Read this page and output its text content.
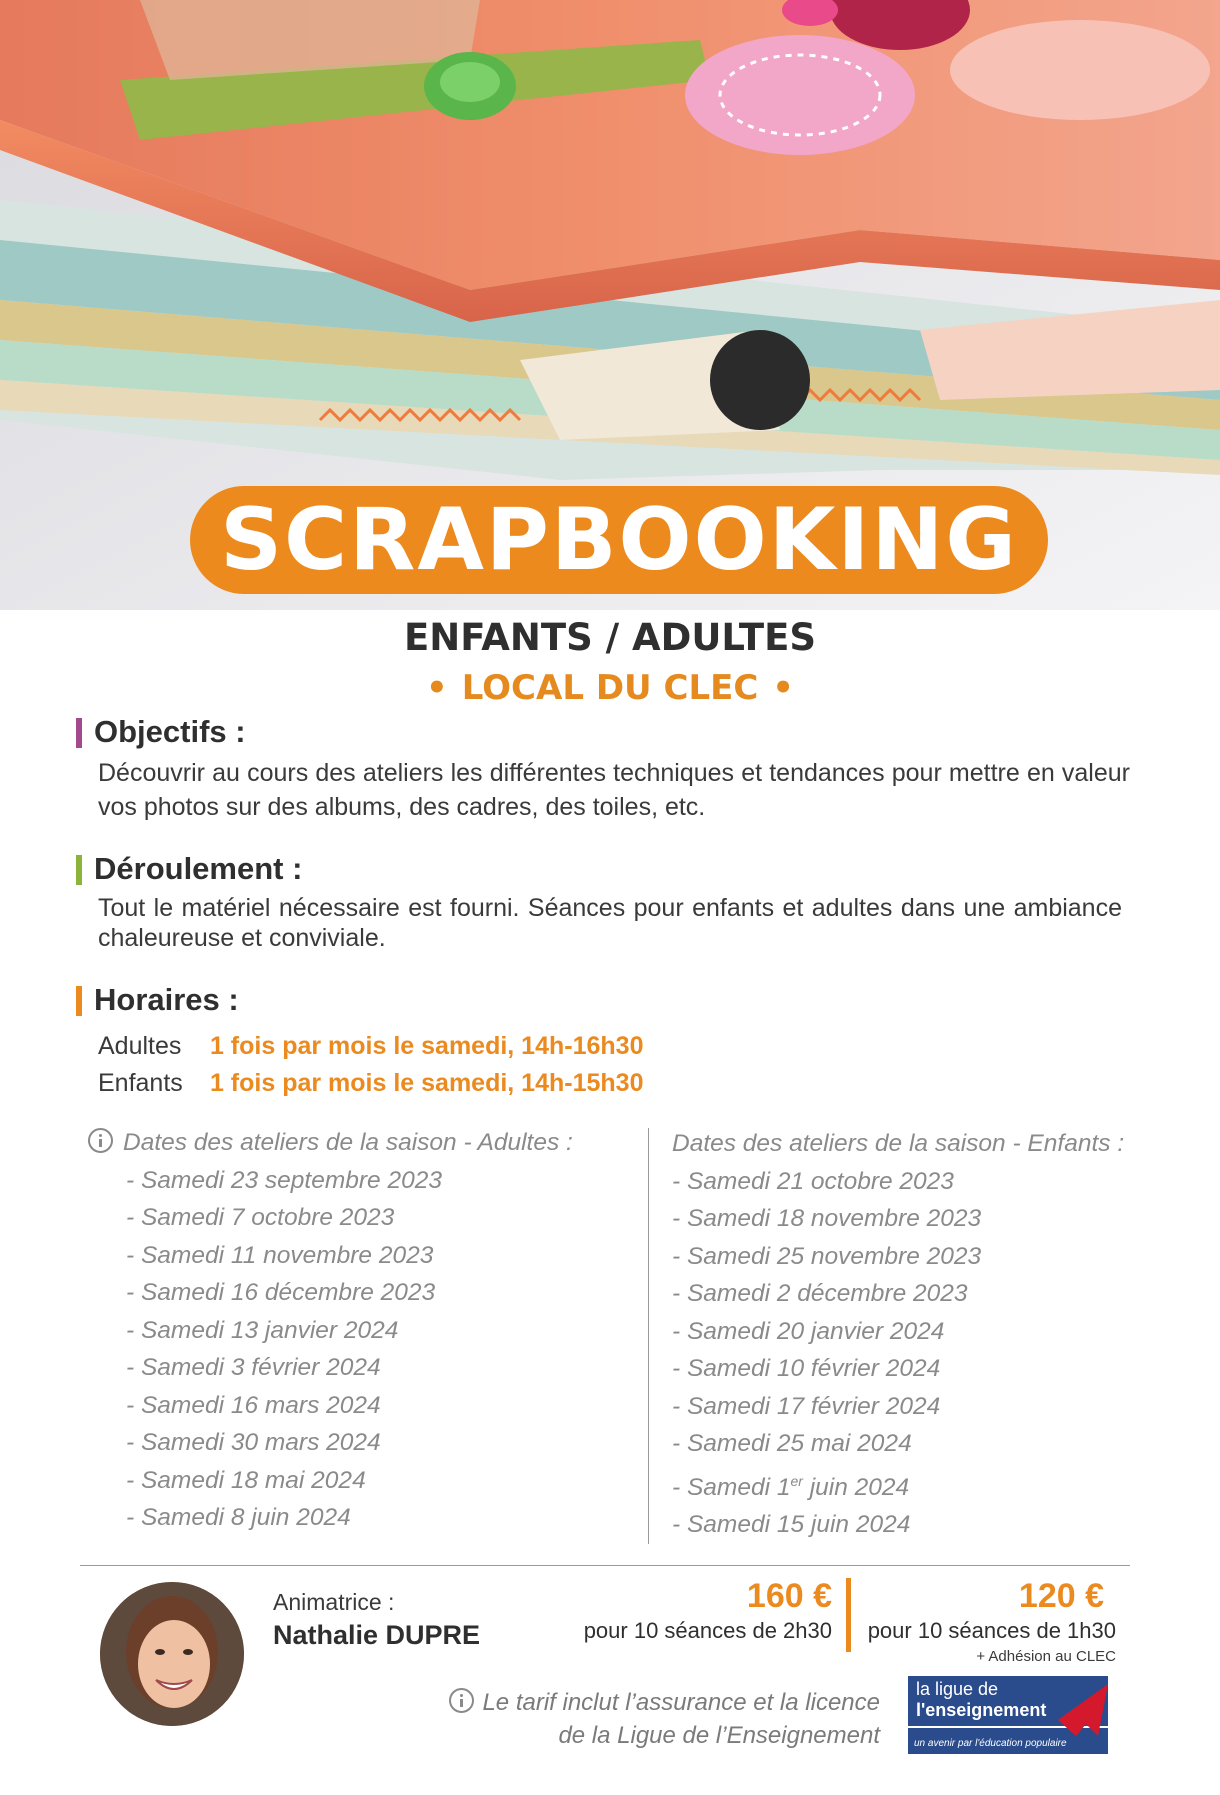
SCRAPBOOKING
ENFANTS / ADULTES
• LOCAL DU CLEC •
Objectifs :
Découvrir au cours des ateliers les différentes techniques et tendances pour mettre en valeur vos photos sur des albums, des cadres, des toiles, etc.
Déroulement :
Tout le matériel nécessaire est fourni. Séances pour enfants et adultes dans une ambiance chaleureuse et conviviale.
Horaires :
Adultes 1 fois par mois le samedi, 14h-16h30
Enfants 1 fois par mois le samedi, 14h-15h30
Dates des ateliers de la saison - Adultes :
- Samedi 23 septembre 2023
- Samedi 7 octobre 2023
- Samedi 11 novembre 2023
- Samedi 16 décembre 2023
- Samedi 13 janvier 2024
- Samedi 3 février 2024
- Samedi 16 mars 2024
- Samedi 30 mars 2024
- Samedi 18 mai 2024
- Samedi 8 juin 2024
Dates des ateliers de la saison - Enfants :
- Samedi 21 octobre 2023
- Samedi 18 novembre 2023
- Samedi 25 novembre 2023
- Samedi 2 décembre 2023
- Samedi 20 janvier 2024
- Samedi 10 février 2024
- Samedi 17 février 2024
- Samedi 25 mai 2024
- Samedi 1er juin 2024
- Samedi 15 juin 2024
Animatrice :
Nathalie DUPRE
160 €
pour 10 séances de 2h30
120 €
pour 10 séances de 1h30
+ Adhésion au CLEC
Le tarif inclut l’assurance et la licence
de la Ligue de l’Enseignement
la ligue de
l'enseignement
un avenir par l'éducation populaire
